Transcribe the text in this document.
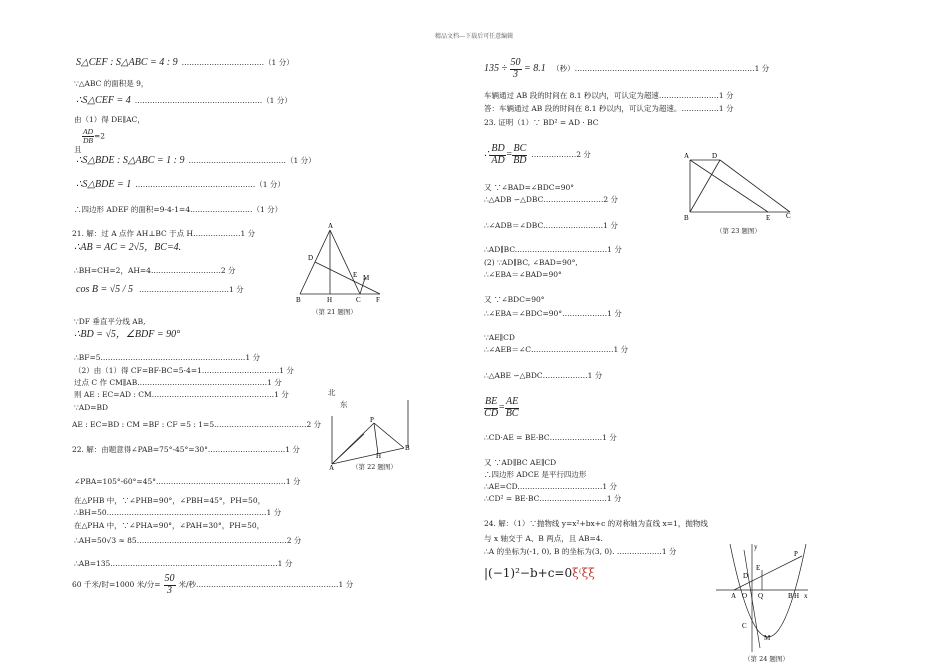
精品文档---下载后可任意编辑
S△CEF : S△ABC = 4 : 9 ……………………………（1 分）
∵△ABC 的面积是 9，
∴S△CEF = 4 ……………………………………………（1 分）
由（1）得 DE∥AC，
$\frac{AD}{DB} =2$
且
∴S△BDE : S△ABC = 1 : 9 …………………………………（1 分）
∴S△BDE = 1 …………………………………………（1 分）
∴四边形 ADEF 的面积=9-4-1=4.……………………（1 分）
21. 解：过 A 点作 AH⊥BC 于点 H.………………1 分
∴AB = AC = 2√5，BC=4.
∴BH=CH=2，AH=4.………………………2 分
cos B = √5 / 5 ………………………………1 分
∵DF 垂直平分线 AB,
∴BD = √5，∠BDF = 90°
∴BF=5.…………………………………………………1 分
（2）由（1）得 CF=BF-BC=5-4=1.…………………………1 分
过点 C 作 CM∥AB.……………………………………………1 分
则 AE : EC=AD : CM.…………………………………………1 分
∵AD=BD
AE : EC=BD : CM =BF : CF =5 : 1=5.………………………………2 分
22. 解：由题意得∠PAB=75°-45°=30°.…………………………1 分
∠PBA=105°-60°=45°.……………………………………………1 分
在△PHB 中，∵∠PHB=90°，∠PBH=45°，PH=50，
∴BH=50.………………………………………………………1 分
在△PHA 中，∵∠PHA=90°，∠PAH=30°，PH=50，
∴AH=50√3 ≈ 85……………………………………………………2 分
∴AB=135.…………………………………………………………1 分
60 千米/时=1000 米/分= $\frac{50}{3}$ 米/秒…………………………………………………1 分
A
D
E M
B	H	C F
（第 21 题图）
北
东
P
H
A
B
（第 22 题图）
$135 \div \frac{50}{3} = 8.1$ （秒）………………………………………………………………1 分
车辆通过 AB 段的时间在 8.1 秒以内，可认定为超速……………………1 分
答：车辆通过 AB 段的时间在 8.1 秒以内，可认定为超速。……………1 分
23. 证明（1）∵ BD² = AD · BC
∴ $\frac{BD}{AD} = \frac{BC}{BD}$ ………………2 分
又 ∵∠BAD=∠BDC=90°
∴△ADB ∽△DBC……………………2 分
∴∠ADB＝∠DBC……………………1 分
∴AD∥BC.………………………………1 分
(2) ∵AD∥BC, ∠BAD=90°,
∴∠EBA＝∠BAD=90°
又 ∵∠BDC=90°
∴∠EBA＝∠BDC=90°………………1 分
∵AE∥CD
∴∠AEB＝∠C……………………………1 分
∴△ABE ∽△BDC………………1 分
$\frac{BE}{CD} = \frac{AE}{BC}$
∴CD·AE = BE·BC…………………1 分
又 ∵AD∥BC AE∥CD
∴四边形 ADCE 是平行四边形
∴AE=CD.……………………………1 分
∴CD² = BE·BC………………………1 分
24. 解：（1）∵抛物线 y=x²+bx+c 的对称轴为直线 x=1，抛物线
与 x 轴交于 A、B 两点，且 AB=4.
∴A 的坐标为(-1, 0), B 的坐标为(3, 0). ………………1 分
|(−1)²−b+c=0ξ⁽ξξ
A	D
B	E C
（第 23 题图）
y
P
E
D
A O Q	B H x
C
M
（第 24 题图）
